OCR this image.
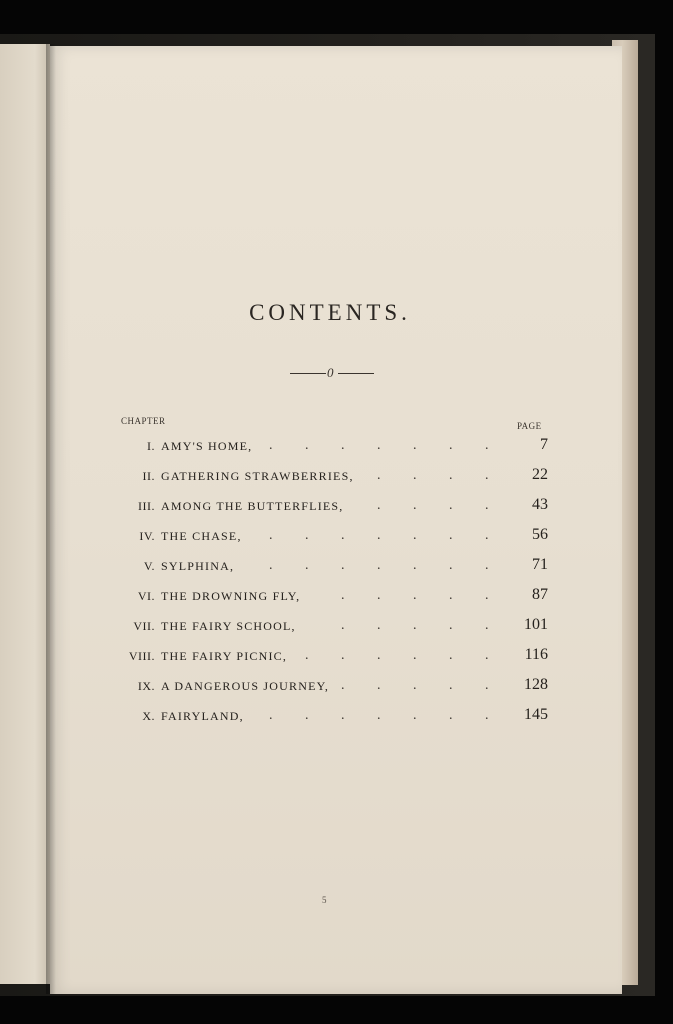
CONTENTS.
0
CHAPTER	PAGE
I. AMY'S HOME,	7
. . . . . . .
II. GATHERING STRAWBERRIES,	22
. . . .
III. AMONG THE BUTTERFLIES,	43
. . . .
IV. THE CHASE,	56
. . . . . . .
V. SYLPHINA,	71
. . . . . . .
VI. THE DROWNING FLY,	87
. . . . .
VII. THE FAIRY SCHOOL,	101
. . . . .
VIII. THE FAIRY PICNIC,	116
. . . . . .
IX. A DANGEROUS JOURNEY,	128
. . . . .
X. FAIRYLAND,	145
. . . . . . .
5
